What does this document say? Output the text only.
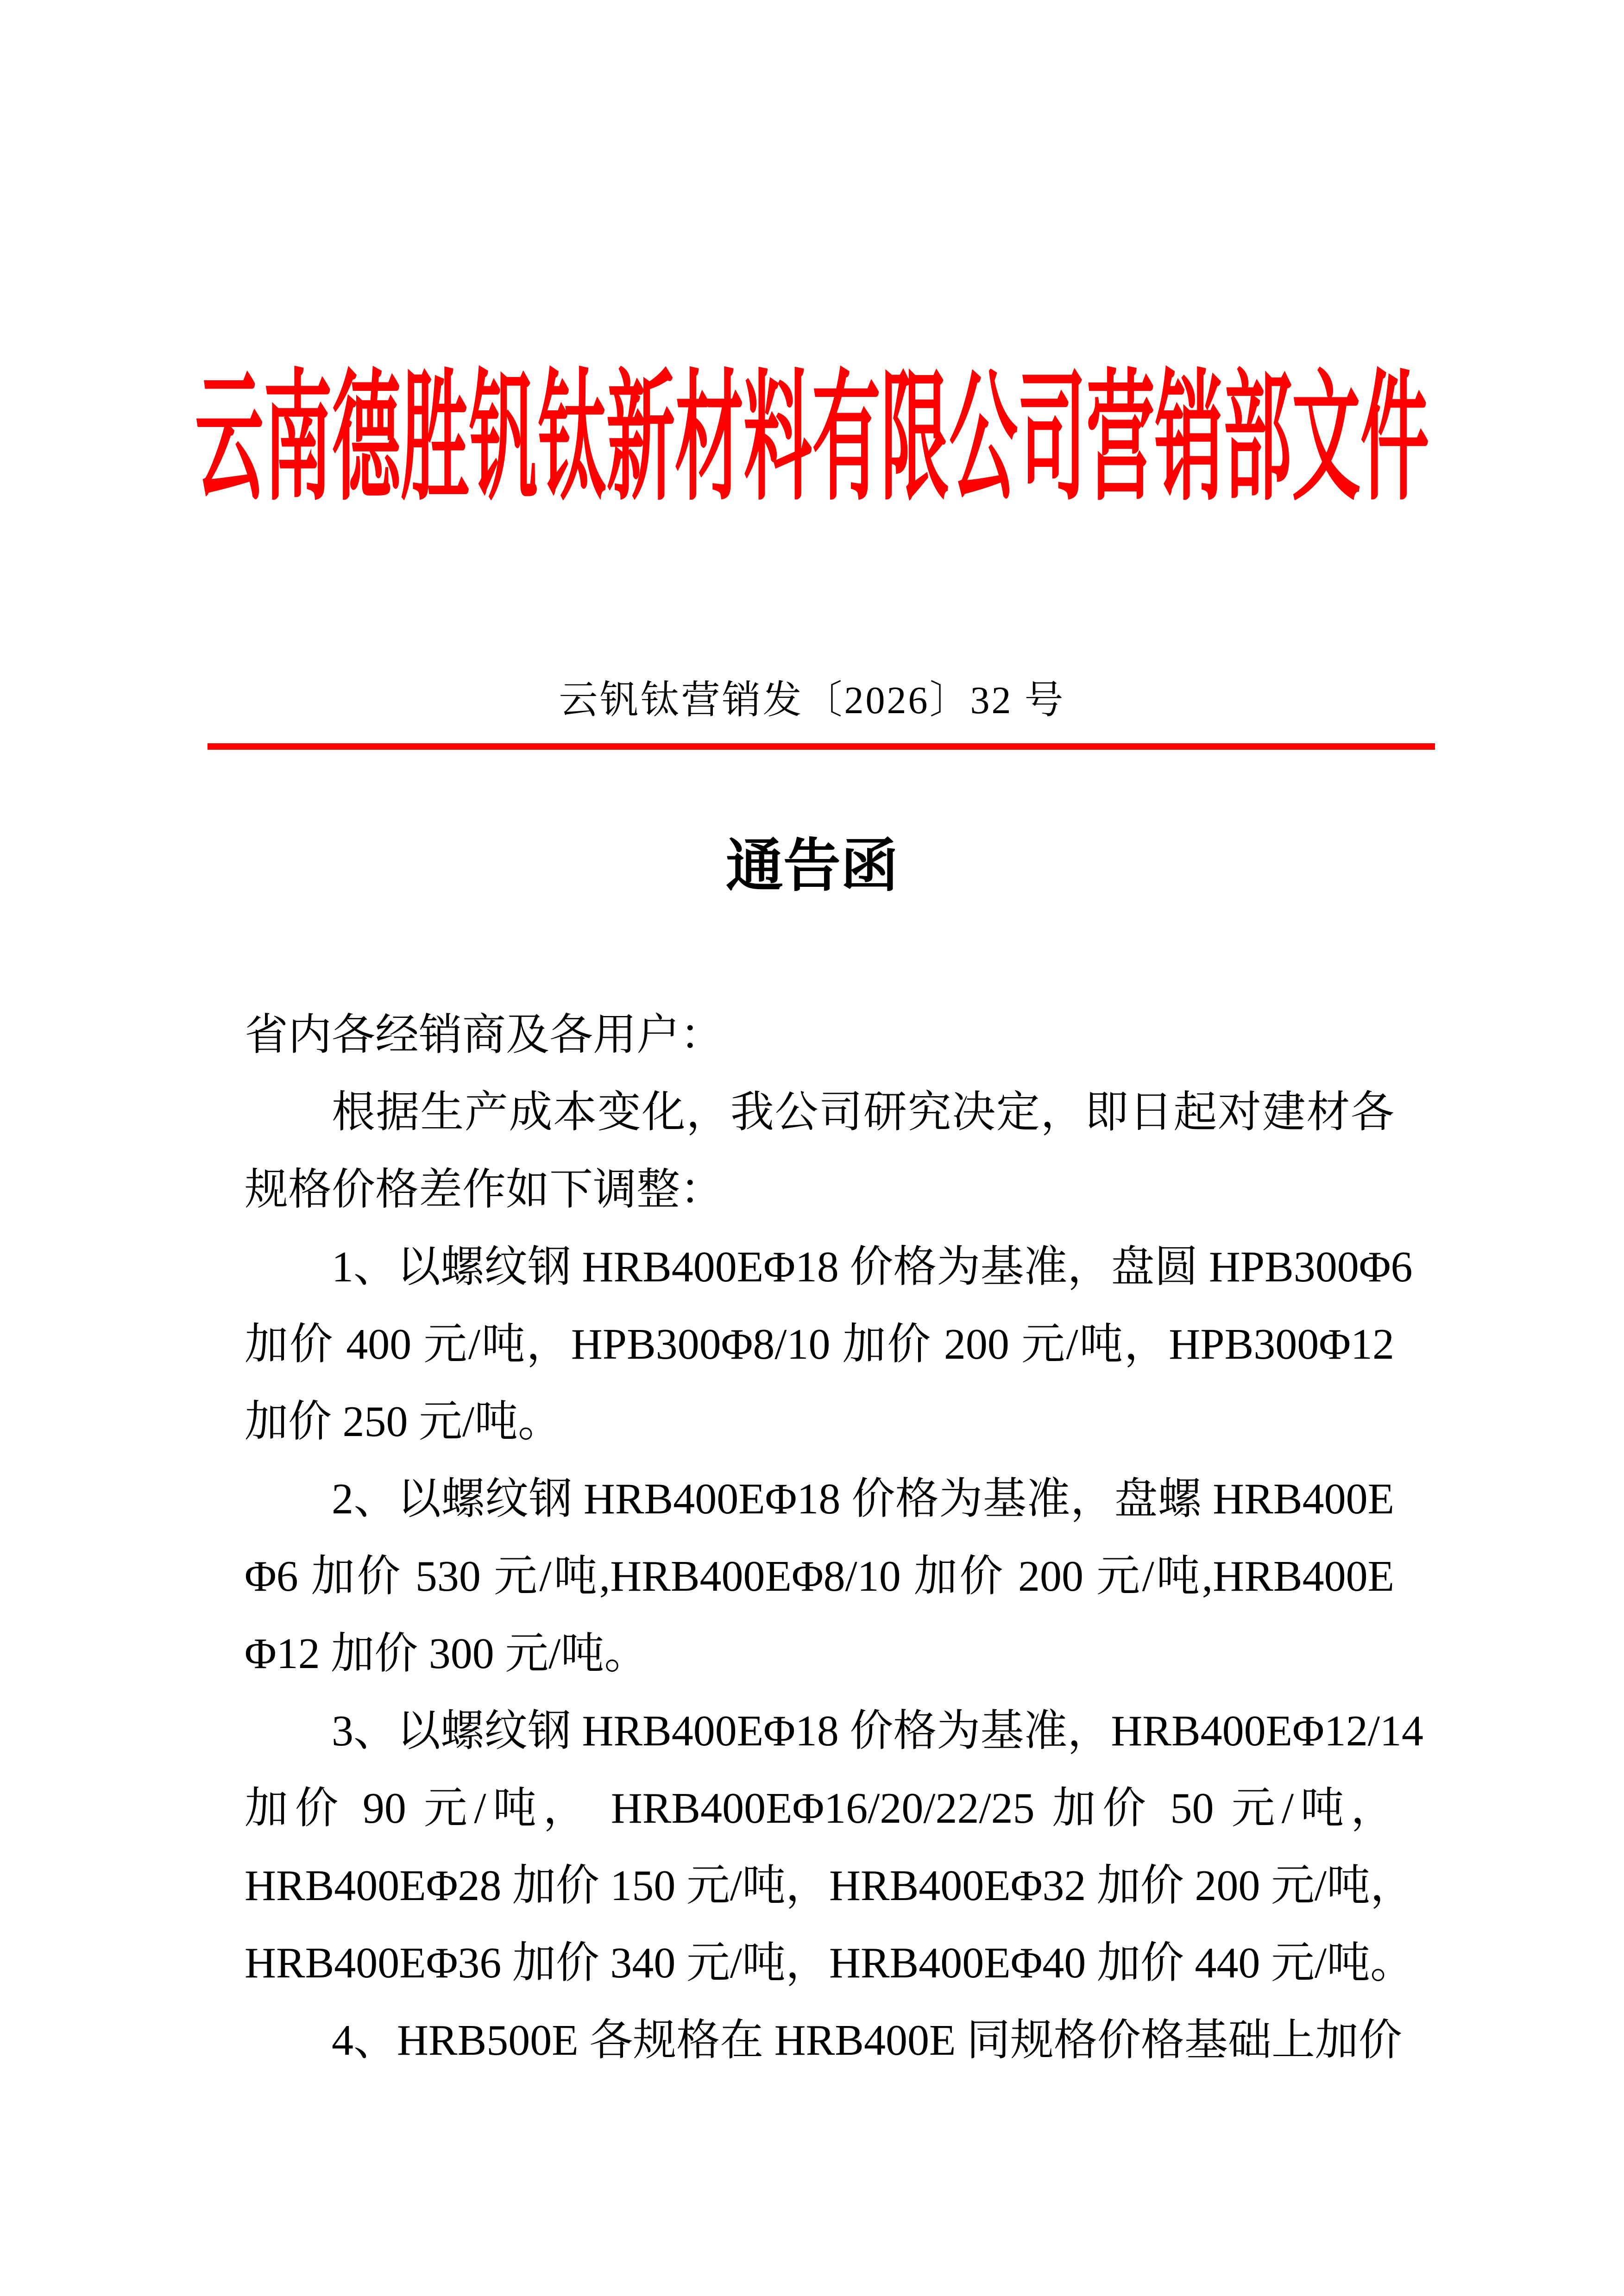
云南德胜钒钛新材料有限公司营销部文件
云钒钛营销发〔2026〕32 号
通告函
省内各经销商及各用户：
根据生产成本变化，我公司研究决定，即日起对建材各
规格价格差作如下调整：
1、以螺纹钢 HRB400EΦ18 价格为基准，盘圆 HPB300Φ6
加价 400 元/吨，HPB300Φ8/10 加价 200 元/吨，HPB300Φ12
加价 250 元/吨。
2、以螺纹钢 HRB400EΦ18 价格为基准，盘螺 HRB400E
Φ6 加价 530 元/吨,HRB400EΦ8/10 加价 200 元/吨,HRB400E
Φ12 加价 300 元/吨。
3、以螺纹钢 HRB400EΦ18 价格为基准，HRB400EΦ12/14
加价 90 元/吨， HRB400EΦ16/20/22/25 加价 50 元/吨，
HRB400EΦ28 加价 150 元/吨，HRB400EΦ32 加价 200 元/吨，
HRB400EΦ36 加价 340 元/吨，HRB400EΦ40 加价 440 元/吨。
4、HRB500E 各规格在 HRB400E 同规格价格基础上加价
